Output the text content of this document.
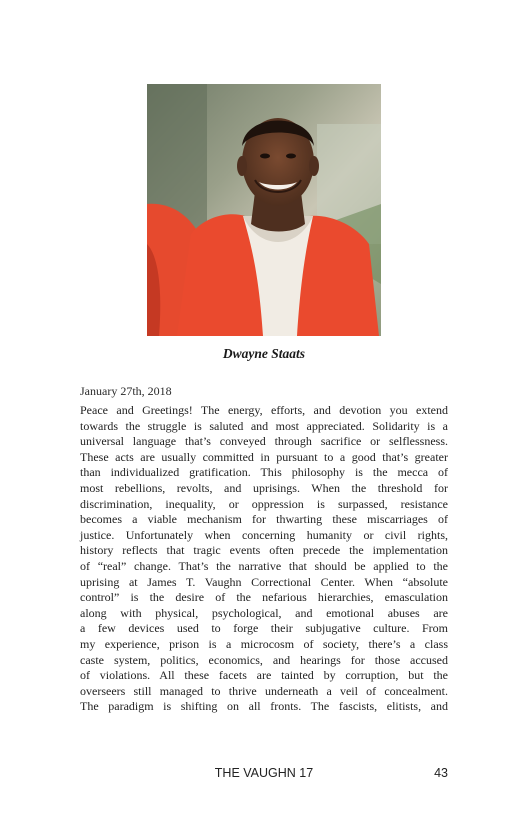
Dwayne Staats
January 27th, 2018
Peace and Greetings! The energy, efforts, and devotion you extend
towards the struggle is saluted and most appreciated. Solidarity is a
universal language that’s conveyed through sacrifice or selflessness.
These acts are usually committed in pursuant to a good that’s greater
than individualized gratification. This philosophy is the mecca of
most rebellions, revolts, and uprisings. When the threshold for
discrimination, inequality, or oppression is surpassed, resistance
becomes a viable mechanism for thwarting these miscarriages of
justice. Unfortunately when concerning humanity or civil rights,
history reflects that tragic events often precede the implementation
of “real” change. That’s the narrative that should be applied to the
uprising at James T. Vaughn Correctional Center. When “absolute
control” is the desire of the nefarious hierarchies, emasculation
along with physical, psychological, and emotional abuses are
a few devices used to forge their subjugative culture. From
my experience, prison is a microcosm of society, there’s a class
caste system, politics, economics, and hearings for those accused
of violations. All these facets are tainted by corruption, but the
overseers still managed to thrive underneath a veil of concealment.
The paradigm is shifting on all fronts. The fascists, elitists, and
THE VAUGHN 17	43
